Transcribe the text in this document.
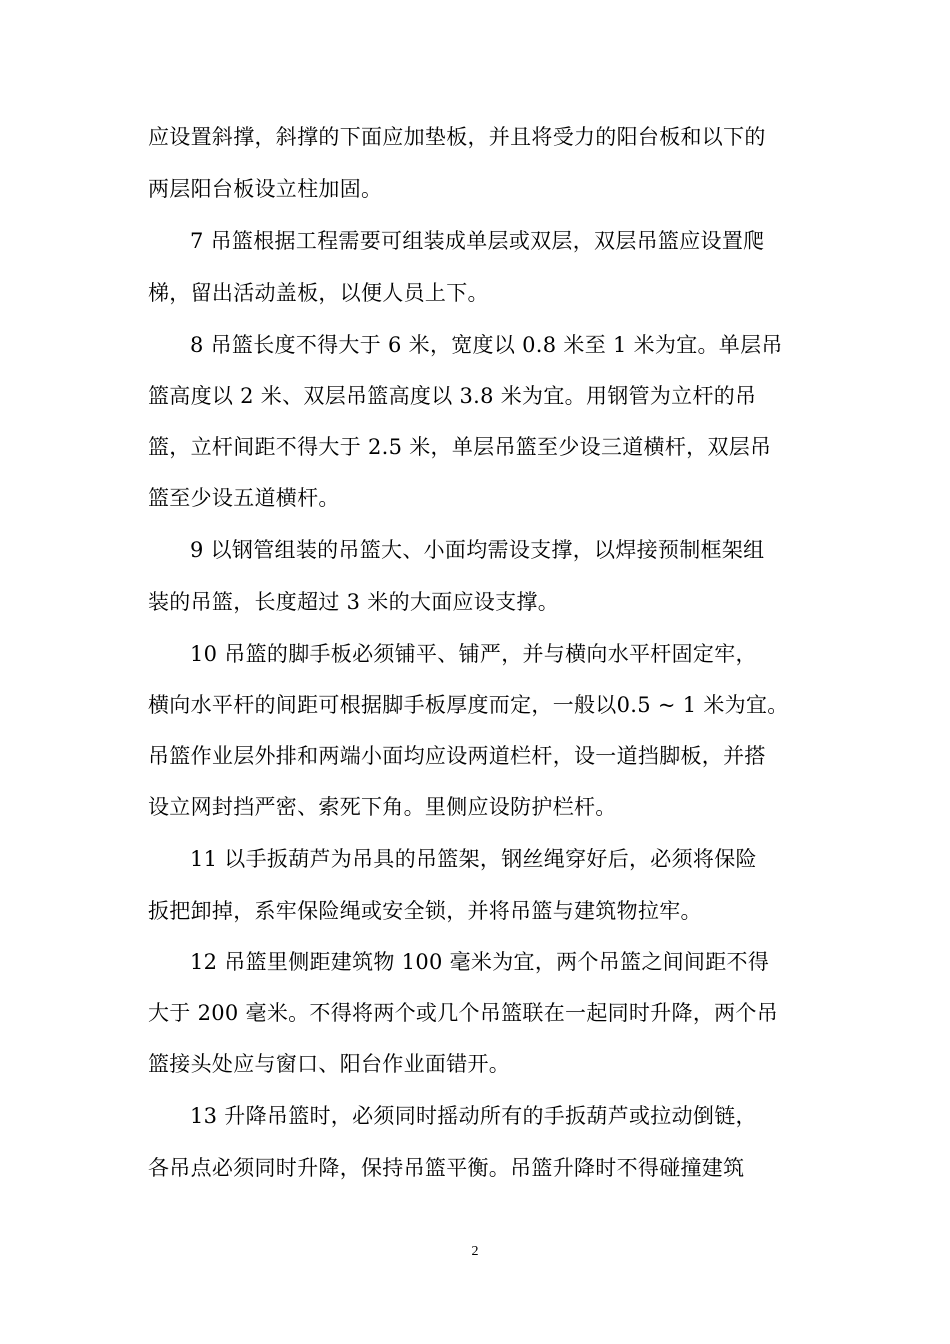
应设置斜撑，斜撑的下面应加垫板，并且将受力的阳台板和以下的
两层阳台板设立柱加固。
7 吊篮根据工程需要可组装成单层或双层，双层吊篮应设置爬
梯，留出活动盖板，以便人员上下。
8 吊篮长度不得大于 6 米，宽度以 0.8 米至 1 米为宜。单层吊
篮高度以 2 米、双层吊篮高度以 3.8 米为宜。用钢管为立杆的吊
篮，立杆间距不得大于 2.5 米，单层吊篮至少设三道横杆，双层吊
篮至少设五道横杆。
9 以钢管组装的吊篮大、小面均需设支撑，以焊接预制框架组
装的吊篮，长度超过 3 米的大面应设支撑。
10 吊篮的脚手板必须铺平、铺严，并与横向水平杆固定牢，
横向水平杆的间距可根据脚手板厚度而定，一般以0.5 ~ 1 米为宜。
吊篮作业层外排和两端小面均应设两道栏杆，设一道挡脚板，并搭
设立网封挡严密、索死下角。里侧应设防护栏杆。
11 以手扳葫芦为吊具的吊篮架，钢丝绳穿好后，必须将保险
扳把卸掉，系牢保险绳或安全锁，并将吊篮与建筑物拉牢。
12 吊篮里侧距建筑物 100 毫米为宜，两个吊篮之间间距不得
大于 200 毫米。不得将两个或几个吊篮联在一起同时升降，两个吊
篮接头处应与窗口、阳台作业面错开。
13 升降吊篮时，必须同时摇动所有的手扳葫芦或拉动倒链，
各吊点必须同时升降，保持吊篮平衡。吊篮升降时不得碰撞建筑
2
